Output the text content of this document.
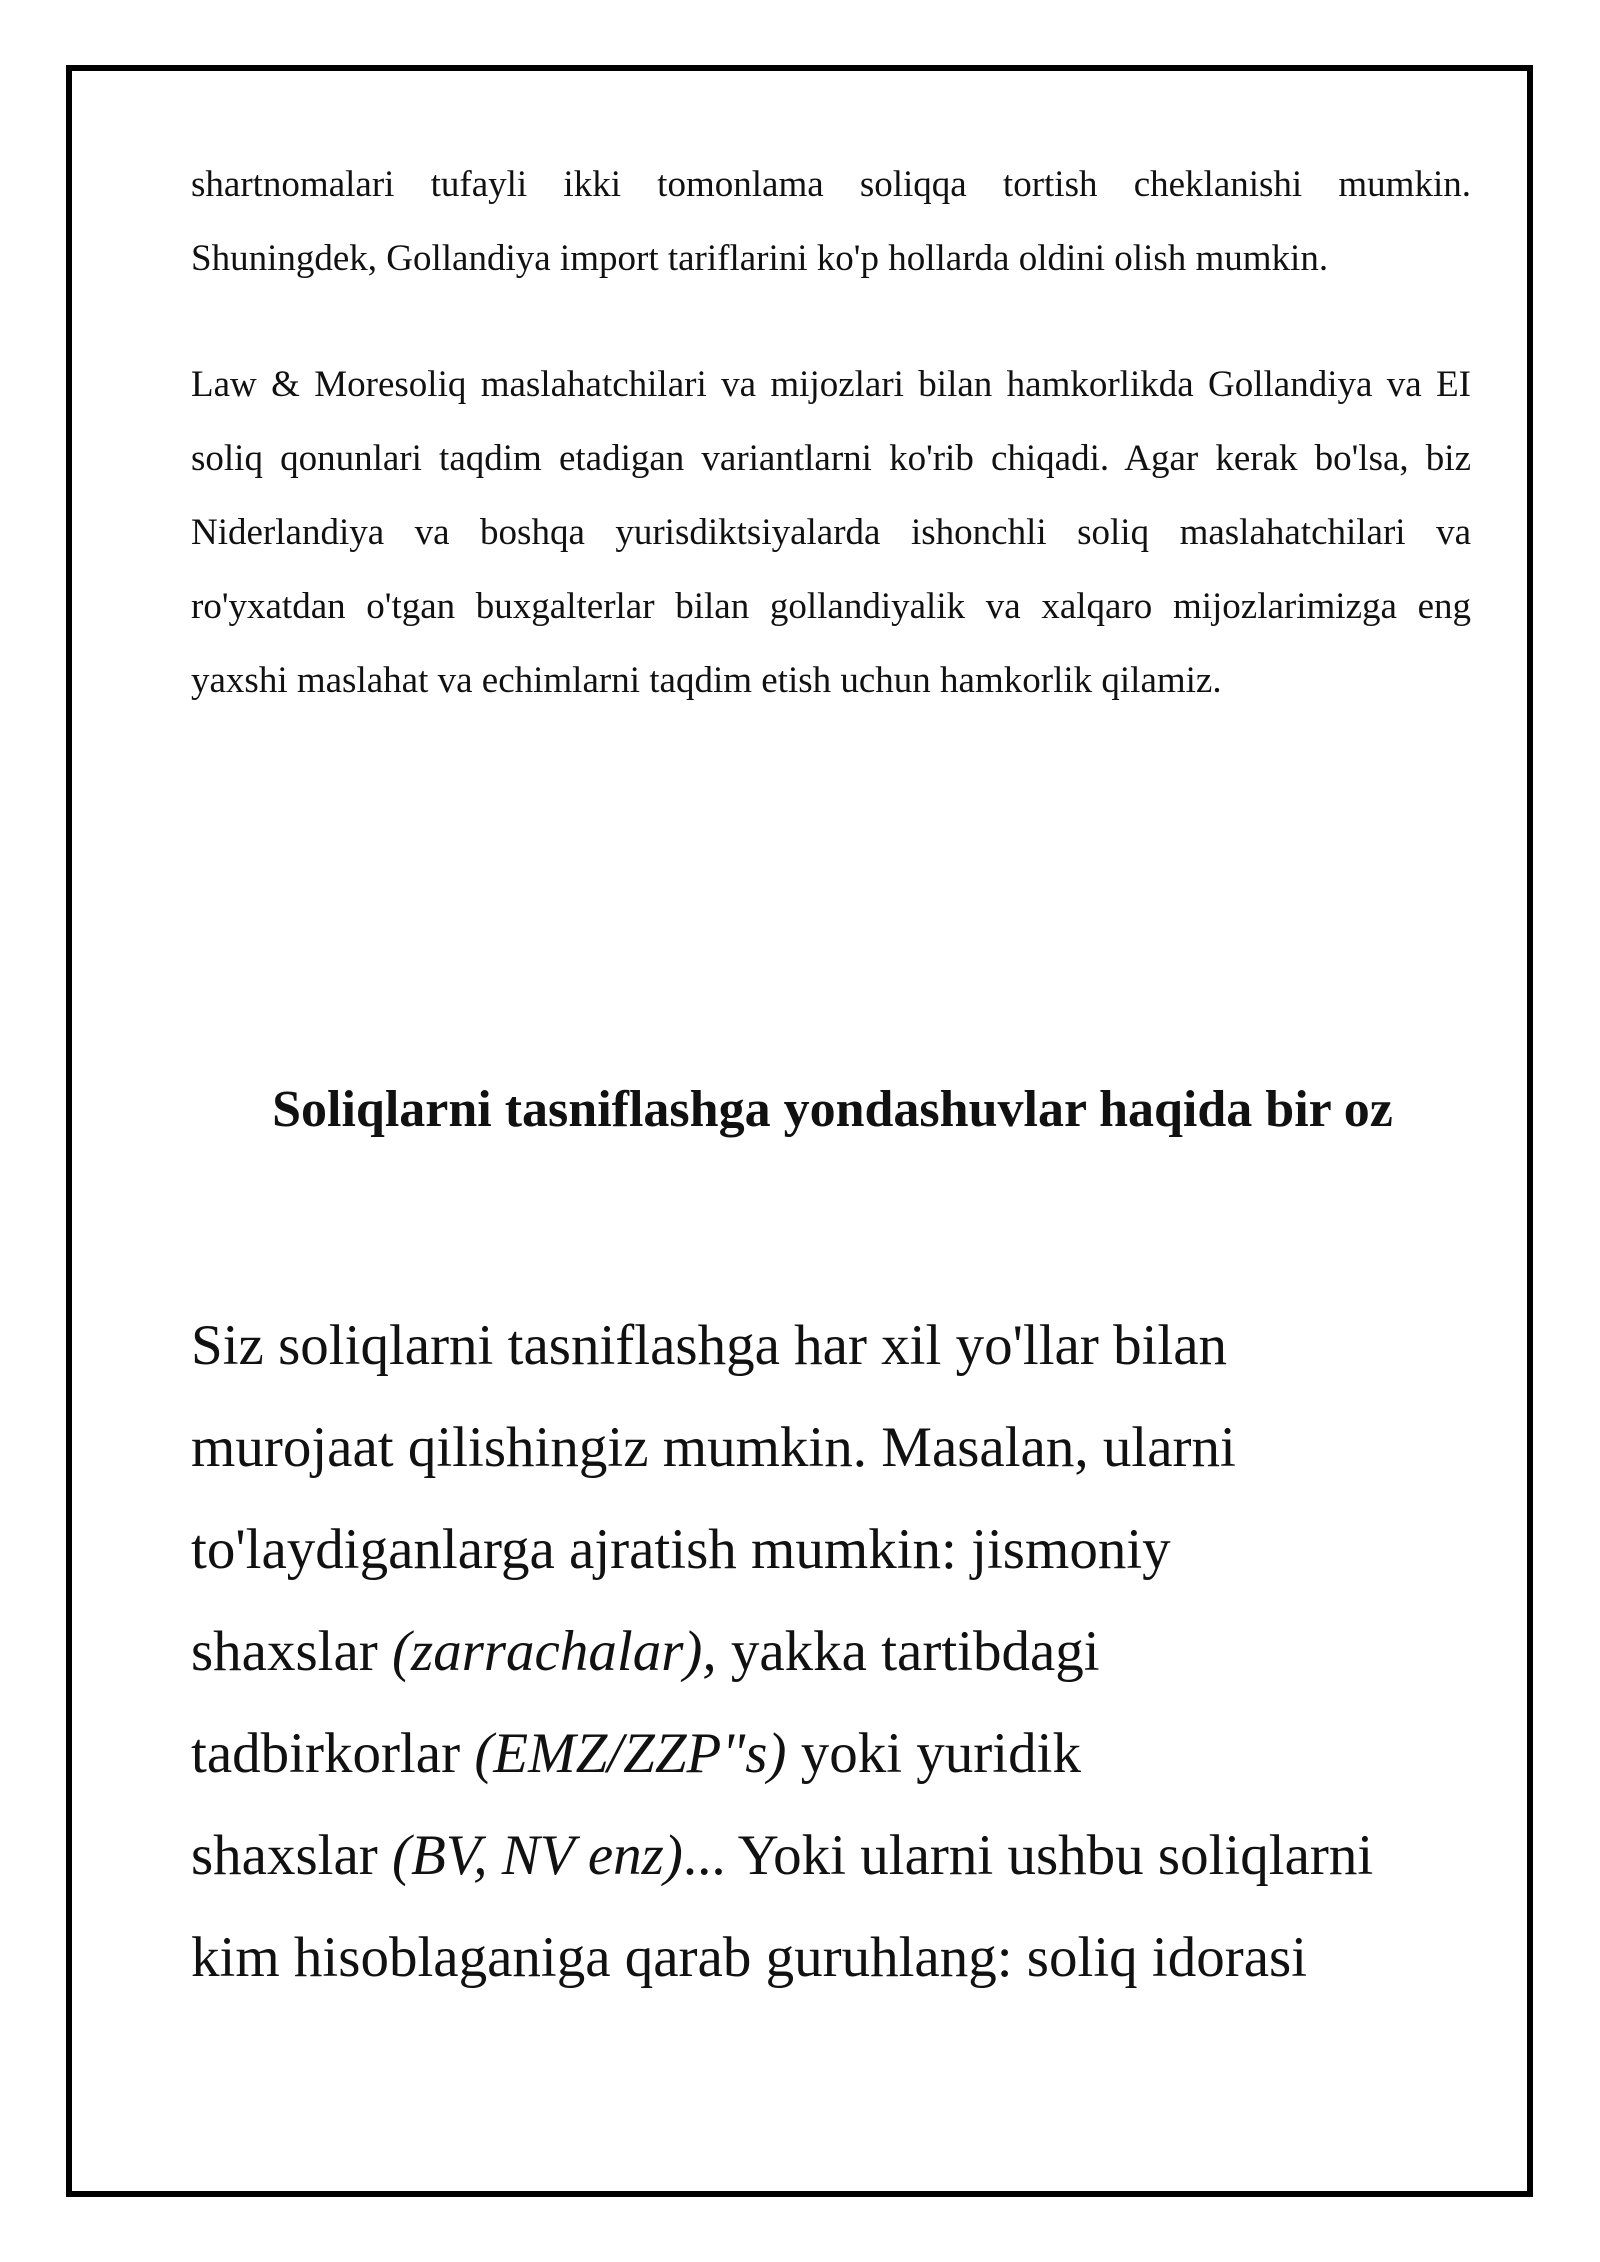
shartnomalari tufayli ikki tomonlama soliqqa tortish cheklanishi mumkin. Shuningdek, Gollandiya import tariflarini ko'p hollarda oldini olish mumkin.

Law & Moresoliq maslahatchilari va mijozlari bilan hamkorlikda Gollandiya va EI soliq qonunlari taqdim etadigan variantlarni ko'rib chiqadi. Agar kerak bo'lsa, biz Niderlandiya va boshqa yurisdiktsiyalarda ishonchli soliq maslahatchilari va ro'yxatdan o'tgan buxgalterlar bilan gollandiyalik va xalqaro mijozlarimizga eng yaxshi maslahat va echimlarni taqdim etish uchun hamkorlik qilamiz.

Soliqlarni tasniflashga yondashuvlar haqida bir oz
Siz soliqlarni tasniflashga har xil yo'llar bilan
murojaat qilishingiz mumkin. Masalan, ularni
to'laydiganlarga ajratish mumkin: jismoniy
shaxslar (zarrachalar), yakka tartibdagi
tadbirkorlar (EMZ/ZZP"s) yoki yuridik
shaxslar (BV, NV enz)... Yoki ularni ushbu soliqlarni
kim hisoblaganiga qarab guruhlang: soliq idorasi
